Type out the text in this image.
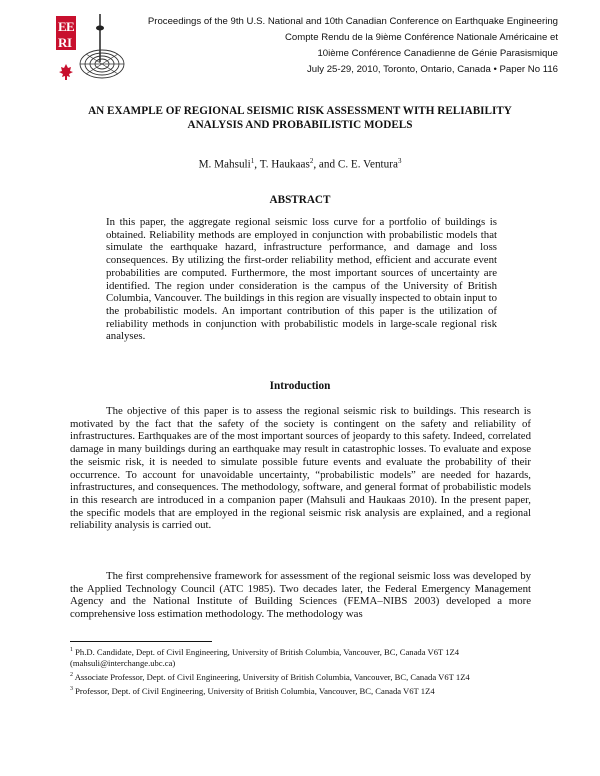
E E
R I
Proceedings of the 9th U.S. National and 10th Canadian Conference on Earthquake Engineering
Compte Rendu de la 9ième Conférence Nationale Américaine et
10ième Conférence Canadienne de Génie Parasismique
July 25-29, 2010, Toronto, Ontario, Canada • Paper No 116
AN EXAMPLE OF REGIONAL SEISMIC RISK ASSESSMENT WITH RELIABILITY
ANALYSIS AND PROBABILISTIC MODELS
M. Mahsuli$^1$, T. Haukaas$^2$, and C. E. Ventura$^3$
ABSTRACT
In this paper, the aggregate regional seismic loss curve for a portfolio of buildings is obtained. Reliability methods are employed in conjunction with probabilistic models that simulate the earthquake hazard, infrastructure performance, and damage and loss consequences. By utilizing the first-order reliability method, efficient and accurate event probabilities are computed. Furthermore, the most important sources of uncertainty are identified. The region under consideration is the campus of the University of British Columbia, Vancouver. The buildings in this region are visually inspected to obtain input to the probabilistic models. An important contribution of this paper is the utilization of reliability methods in conjunction with probabilistic models in large-scale regional risk analyses.
Introduction
The objective of this paper is to assess the regional seismic risk to buildings. This research is motivated by the fact that the safety of the society is contingent on the safety and reliability of infrastructures. Earthquakes are of the most important sources of jeopardy to this safety. Indeed, correlated damage in many buildings during an earthquake may result in catastrophic losses. To evaluate and expose the seismic risk, it is needed to simulate possible future events and evaluate the probability of their occurrence. To account for unavoidable uncertainty, “probabilistic models” are needed for hazards, infrastructures, and consequences. The methodology, software, and general format of probabilistic models in this research are introduced in a companion paper (Mahsuli and Haukaas 2010). In the present paper, the specific models that are employed in the regional seismic risk analysis are explained, and a regional reliability analysis is carried out.
The first comprehensive framework for assessment of the regional seismic loss was developed by the Applied Technology Council (ATC 1985). Two decades later, the Federal Emergency Management Agency and the National Institute of Building Sciences (FEMA–NIBS 2003) developed a more comprehensive loss estimation methodology. The methodology was
$^1$ Ph.D. Candidate, Dept. of Civil Engineering, University of British Columbia, Vancouver, BC, Canada V6T 1Z4 (mahsuli@interchange.ubc.ca)
$^2$ Associate Professor, Dept. of Civil Engineering, University of British Columbia, Vancouver, BC, Canada V6T 1Z4
$^3$ Professor, Dept. of Civil Engineering, University of British Columbia, Vancouver, BC, Canada V6T 1Z4
